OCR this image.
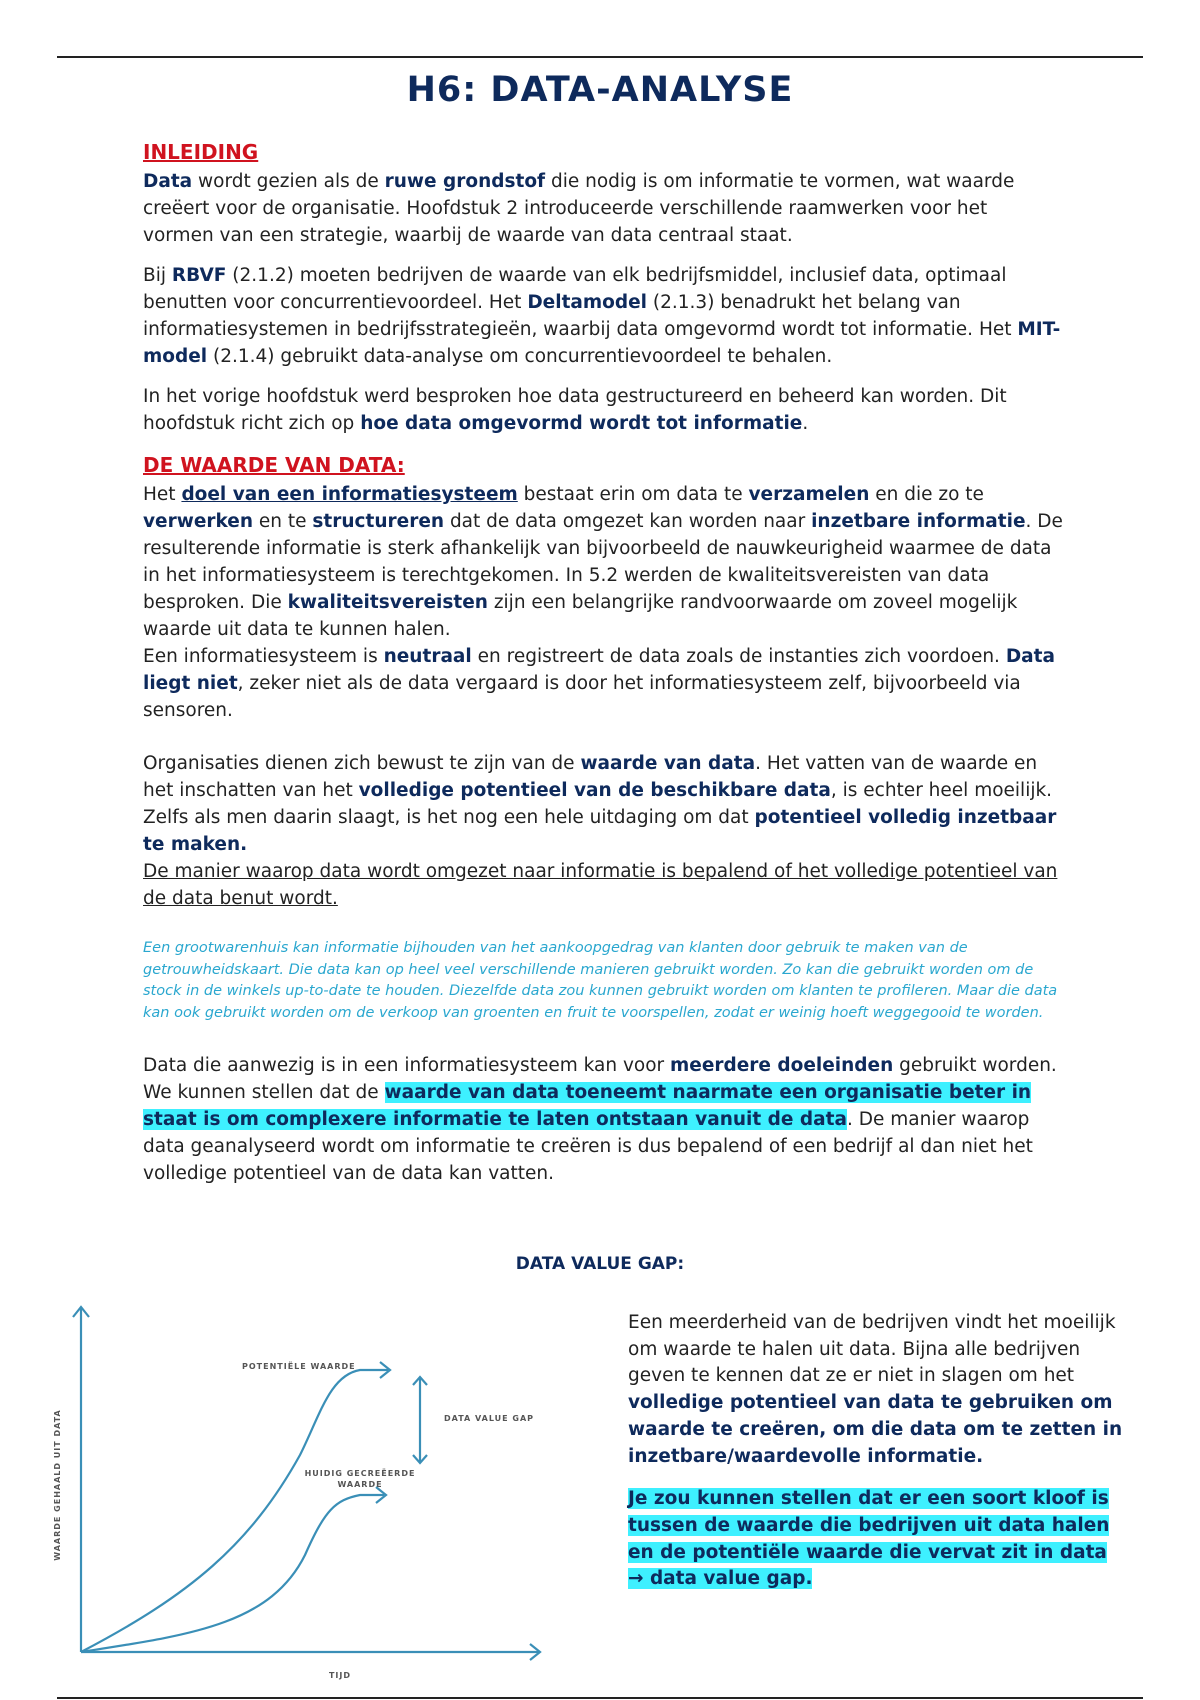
H6: DATA-ANALYSE
INLEIDING

Data wordt gezien als de ruwe grondstof die nodig is om informatie te vormen, wat waarde creëert voor de organisatie. Hoofdstuk 2 introduceerde verschillende raamwerken voor het vormen van een strategie, waarbij de waarde van data centraal staat.

Bij RBVF (2.1.2) moeten bedrijven de waarde van elk bedrijfsmiddel, inclusief data, optimaal benutten voor concurrentievoordeel. Het Deltamodel (2.1.3) benadrukt het belang van informatiesystemen in bedrijfsstrategieën, waarbij data omgevormd wordt tot informatie. Het MIT-model (2.1.4) gebruikt data-analyse om concurrentievoordeel te behalen.

In het vorige hoofdstuk werd besproken hoe data gestructureerd en beheerd kan worden. Dit hoofdstuk richt zich op hoe data omgevormd wordt tot informatie.

DE WAARDE VAN DATA:

Het doel van een informatiesysteem bestaat erin om data te verzamelen en die zo te verwerken en te structureren dat de data omgezet kan worden naar inzetbare informatie. De resulterende informatie is sterk afhankelijk van bijvoorbeeld de nauwkeurigheid waarmee de data in het informatiesysteem is terechtgekomen. In 5.2 werden de kwaliteitsvereisten van data besproken. Die kwaliteitsvereisten zijn een belangrijke randvoorwaarde om zoveel mogelijk waarde uit data te kunnen halen.
Een informatiesysteem is neutraal en registreert de data zoals de instanties zich voordoen. Data liegt niet, zeker niet als de data vergaard is door het informatiesysteem zelf, bijvoorbeeld via sensoren.

Organisaties dienen zich bewust te zijn van de waarde van data. Het vatten van de waarde en het inschatten van het volledige potentieel van de beschikbare data, is echter heel moeilijk. Zelfs als men daarin slaagt, is het nog een hele uitdaging om dat potentieel volledig inzetbaar te maken.
De manier waarop data wordt omgezet naar informatie is bepalend of het volledige potentieel van de data benut wordt.

Een grootwarenhuis kan informatie bijhouden van het aankoopgedrag van klanten door gebruik te maken van de getrouwheidskaart. Die data kan op heel veel verschillende manieren gebruikt worden. Zo kan die gebruikt worden om de stock in de winkels up-to-date te houden. Diezelfde data zou kunnen gebruikt worden om klanten te profileren. Maar die data kan ook gebruikt worden om de verkoop van groenten en fruit te voorspellen, zodat er weinig hoeft weggegooid te worden.

Data die aanwezig is in een informatiesysteem kan voor meerdere doeleinden gebruikt worden. We kunnen stellen dat de waarde van data toeneemt naarmate een organisatie beter in staat is om complexere informatie te laten ontstaan vanuit de data. De manier waarop data geanalyseerd wordt om informatie te creëren is dus bepalend of een bedrijf al dan niet het volledige potentieel van de data kan vatten.

DATA VALUE GAP:
POTENTIËLE WAARDE
DATA VALUE GAP
HUIDIG GECREËERDE
WAARDE
TIJD
WAARDE GEHAALD UIT DATA

Een meerderheid van de bedrijven vindt het moeilijk om waarde te halen uit data. Bijna alle bedrijven geven te kennen dat ze er niet in slagen om het volledige potentieel van data te gebruiken om waarde te creëren, om die data om te zetten in inzetbare/waardevolle informatie.

Je zou kunnen stellen dat er een soort kloof is tussen de waarde die bedrijven uit data halen en de potentiële waarde die vervat zit in data → data value gap.
